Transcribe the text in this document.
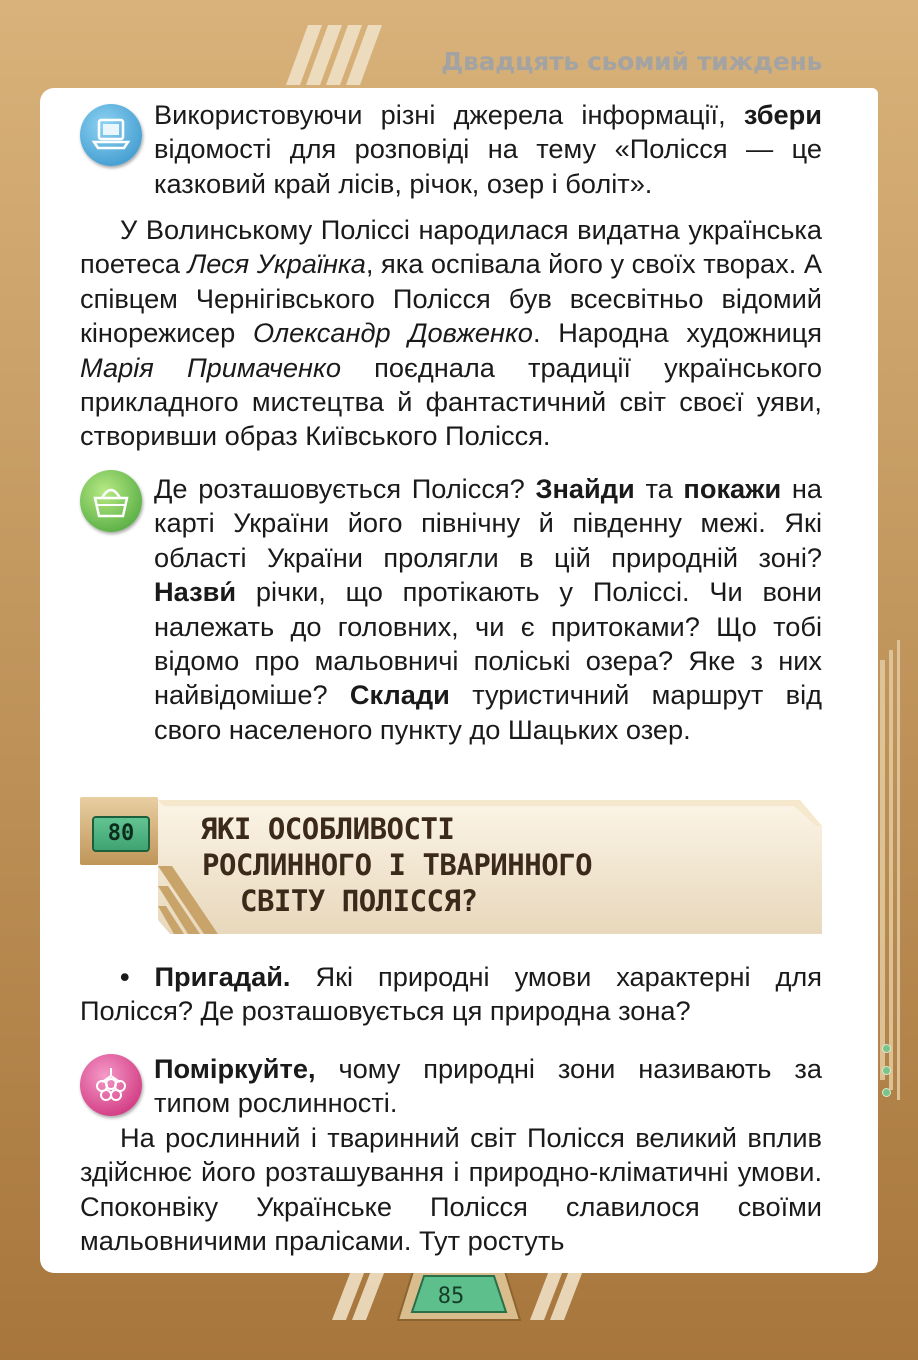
Двадцять сьомий тиждень

Використовуючи різні джерела інформації, збери відомості для розповіді на тему «Полісся — це казковий край лісів, річок, озер і боліт».

У Волинському Поліссі народилася видатна українська поетеса Леся Українка, яка оспівала його у своїх творах. А співцем Чернігівського Полісся був всесвітньо відомий кінорежисер Олександр Довженко. Народна художниця Марія Примаченко поєднала традиції українського прикладного мистецтва й фантастичний світ своєї уяви, створивши образ Київського Полісся.

Де розташовується Полісся? Знайди та покажи на карті України його північну й південну межі. Які області України пролягли в цій природній зоні? Назви́ річки, що протікають у Поліссі. Чи вони належать до головних, чи є притоками? Що тобі відомо про мальовничі поліські озера? Яке з них найвідоміше? Склади туристичний маршрут від свого населеного пункту до Шацьких озер.

80	ЯКІ ОСОБЛИВОСТІ
РОСЛИННОГО І ТВАРИННОГО
СВІТУ ПОЛІССЯ?

• Пригадай. Які природні умови характерні для Полісся? Де розташовується ця природна зона?

Поміркуйте, чому природні зони називають за типом рослинності.

На рослинний і тваринний світ Полісся великий вплив здійснює його розташування і природно-кліматичні умови. Споконвіку Українське Полісся славилося своїми мальовничими пралісами. Тут ростуть

85
